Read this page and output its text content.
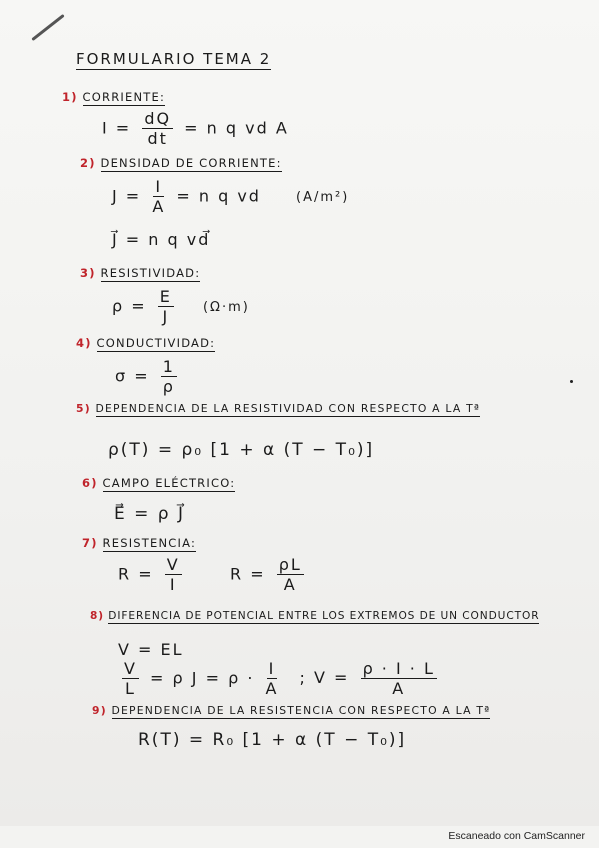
FORMULARIO TEMA 2
1) CORRIENTE:
$I = \frac{dQ}{dt} = n$ q vd A
2) DENSIDAD DE CORRIENTE:
$J = \frac{I}{A} = n$ q vd	(A/m²)
J⃗ = n q vd⃗
3) RESISTIVIDAD:
$\rho = \frac{E}{J} (\Omega\cdot m)$
4) CONDUCTIVIDAD:
$\sigma = \frac{1}{\rho}$
5) DEPENDENCIA DE LA RESISTIVIDAD CON RESPECTO A LA Tª
ρ(T) = ρ₀ [1 + α (T − T₀)]
6) CAMPO ELÉCTRICO:
E⃗ = ρ J⃗
7) RESISTENCIA:
$R = \frac{V}{I}$	$R = \frac{\rho L}{A}$
8) DIFERENCIA DE POTENCIAL ENTRE LOS EXTREMOS DE UN CONDUCTOR
V = EL
$\frac{V}{L} = \rho$ $J = \rho \cdot \frac{I}{A}$ ; $V = \frac{\rho \cdot I \cdot L}{A}$
9) DEPENDENCIA DE LA RESISTENCIA CON RESPECTO A LA Tª
R(T) = R₀ [1 + α (T − T₀)]
Escaneado con CamScanner
